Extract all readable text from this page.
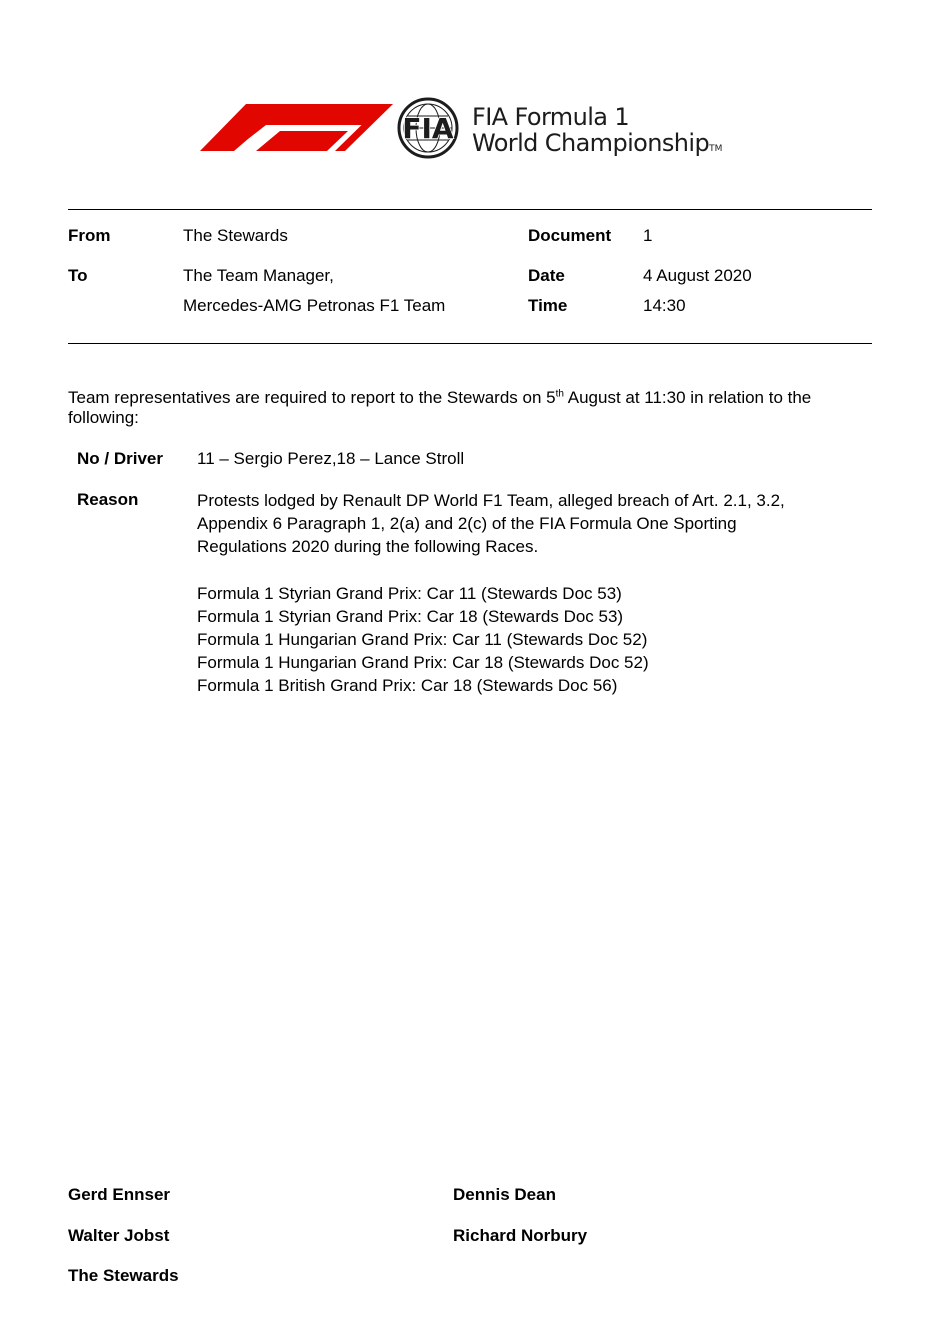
FIA FIA Formula 1
World ChampionshipTM
From	The Stewards	Document 1
To	The Team Manager,
Mercedes-AMG Petronas F1 Team
Date	4 August 2020
Time	14:30
Team representatives are required to report to the Stewards on 5th August at 11:30 in relation to the following:
No / Driver 11 – Sergio Perez,18 – Lance Stroll
Reason	Protests lodged by Renault DP World F1 Team, alleged breach of Art. 2.1, 3.2, Appendix 6 Paragraph 1, 2(a) and 2(c) of the FIA Formula One Sporting Regulations 2020 during the following Races.
Formula 1 Styrian Grand Prix: Car 11 (Stewards Doc 53)
Formula 1 Styrian Grand Prix: Car 18 (Stewards Doc 53)
Formula 1 Hungarian Grand Prix: Car 11 (Stewards Doc 52)
Formula 1 Hungarian Grand Prix: Car 18 (Stewards Doc 52)
Formula 1 British Grand Prix: Car 18 (Stewards Doc 56)
Gerd Ennser	Dennis Dean
Walter Jobst	Richard Norbury
The Stewards
